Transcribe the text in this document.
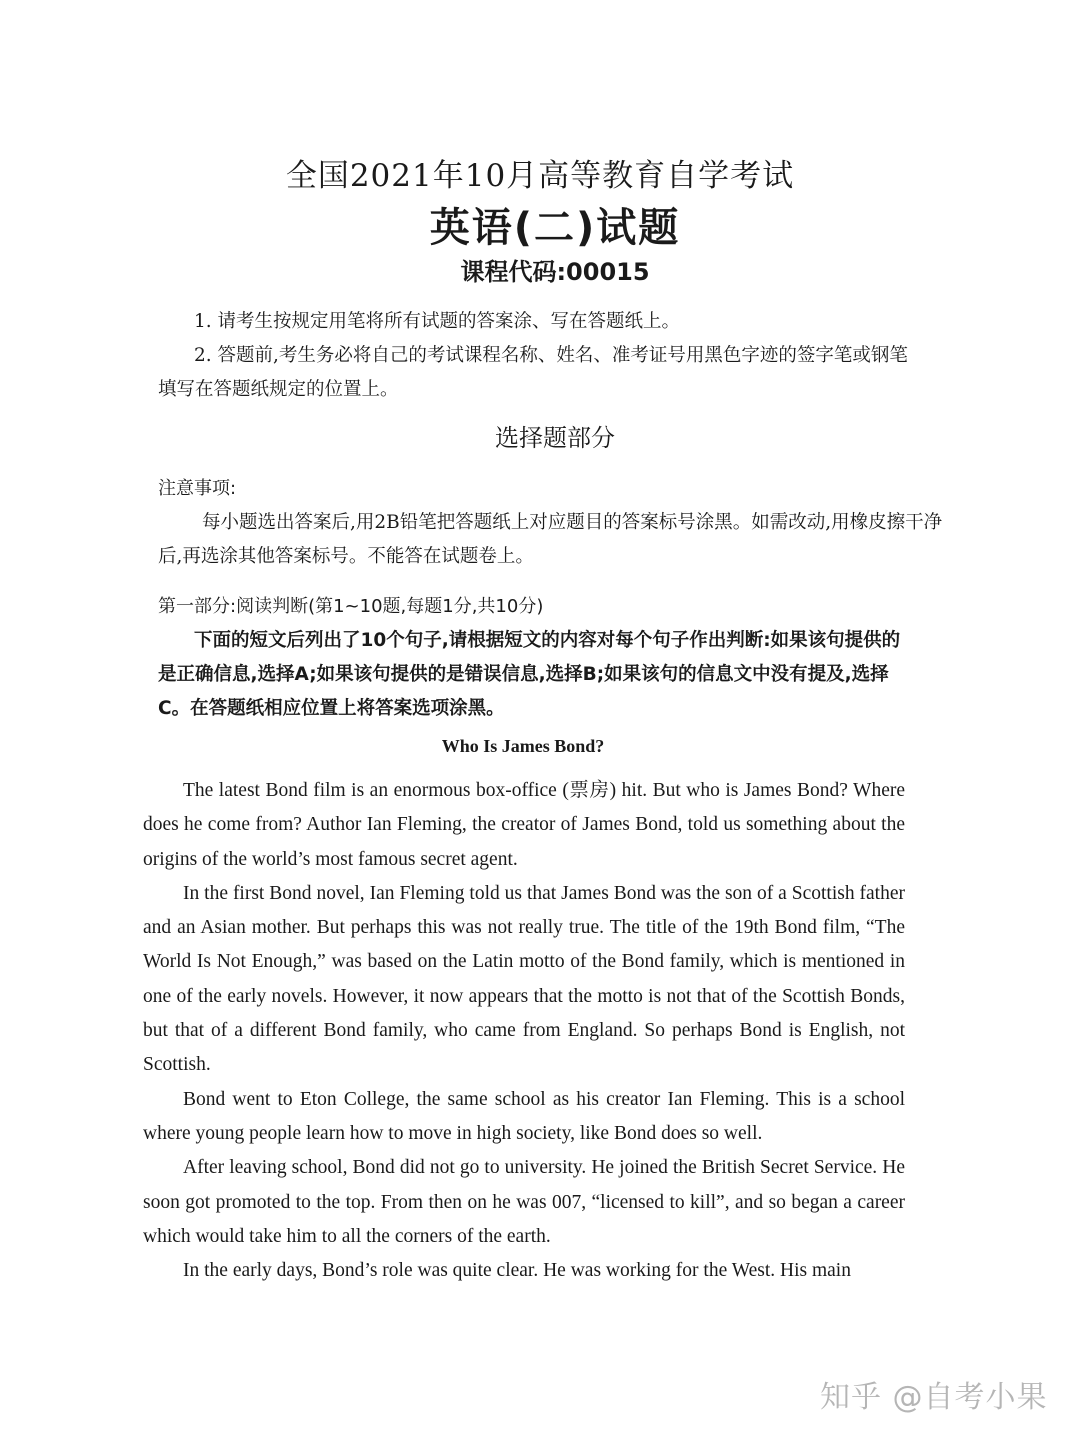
全国2021年10月高等教育自学考试
英语(二)试题
课程代码:00015
1. 请考生按规定用笔将所有试题的答案涂、写在答题纸上。
2. 答题前,考生务必将自己的考试课程名称、姓名、准考证号用黑色字迹的签字笔或钢笔
填写在答题纸规定的位置上。
选择题部分
注意事项:
每小题选出答案后,用2B铅笔把答题纸上对应题目的答案标号涂黑。如需改动,用橡皮擦干净后,再选涂其他答案标号。不能答在试题卷上。
第一部分:阅读判断(第1~10题,每题1分,共10分)
下面的短文后列出了10个句子,请根据短文的内容对每个句子作出判断:如果该句提供的是正确信息,选择A;如果该句提供的是错误信息,选择B;如果该句的信息文中没有提及,选择C。在答题纸相应位置上将答案选项涂黑。
Who Is James Bond?

The latest Bond film is an enormous box-office (票房) hit. But who is James Bond? Where does he come from? Author Ian Fleming, the creator of James Bond, told us something about the origins of the world’s most famous secret agent.

In the first Bond novel, Ian Fleming told us that James Bond was the son of a Scottish father and an Asian mother. But perhaps this was not really true. The title of the 19th Bond film, “The World Is Not Enough,” was based on the Latin motto of the Bond family, which is mentioned in one of the early novels. However, it now appears that the motto is not that of the Scottish Bonds, but that of a different Bond family, who came from England. So perhaps Bond is English, not Scottish.

Bond went to Eton College, the same school as his creator Ian Fleming. This is a school where young people learn how to move in high society, like Bond does so well.

After leaving school, Bond did not go to university. He joined the British Secret Service. He soon got promoted to the top. From then on he was 007, “licensed to kill”, and so began a career which would take him to all the corners of the earth.

In the early days, Bond’s role was quite clear. He was working for the West. His main

知乎 @自考小果
